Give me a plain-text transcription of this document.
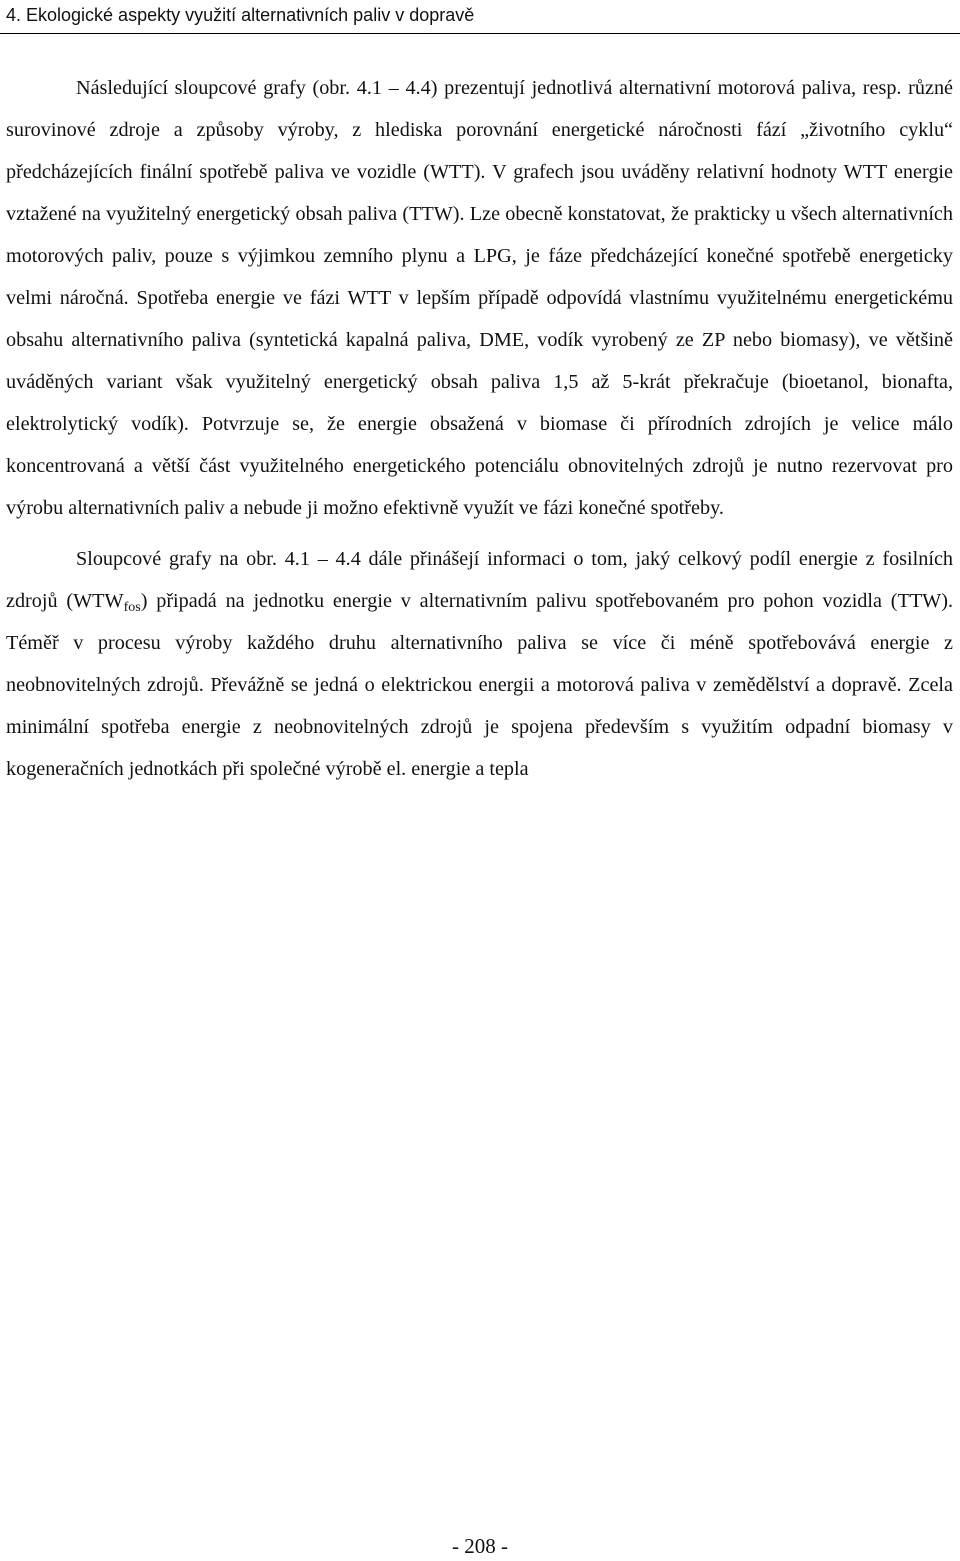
4. Ekologické aspekty využití alternativních paliv v dopravě

Následující sloupcové grafy (obr. 4.1 – 4.4) prezentují jednotlivá alternativní motorová paliva, resp. různé surovinové zdroje a způsoby výroby, z hlediska porovnání energetické náročnosti fází „životního cyklu“ předcházejících finální spotřebě paliva ve vozidle (WTT). V grafech jsou uváděny relativní hodnoty WTT energie vztažené na využitelný energetický obsah paliva (TTW). Lze obecně konstatovat, že prakticky u všech alternativních motorových paliv, pouze s výjimkou zemního plynu a LPG, je fáze předcházející konečné spotřebě energeticky velmi náročná. Spotřeba energie ve fázi WTT v lepším případě odpovídá vlastnímu využitelnému energetickému obsahu alternativního paliva (syntetická kapalná paliva, DME, vodík vyrobený ze ZP nebo biomasy), ve většině uváděných variant však využitelný energetický obsah paliva 1,5 až 5-krát překračuje (bioetanol, bionafta, elektrolytický vodík). Potvrzuje se, že energie obsažená v biomase či přírodních zdrojích je velice málo koncentrovaná a větší část využitelného energetického potenciálu obnovitelných zdrojů je nutno rezervovat pro výrobu alternativních paliv a nebude ji možno efektivně využít ve fázi konečné spotřeby.

Sloupcové grafy na obr. 4.1 – 4.4 dále přinášejí informaci o tom, jaký celkový podíl energie z fosilních zdrojů $(WTW_{fos})$ připadá na jednotku energie v alternativním palivu spotřebovaném pro pohon vozidla (TTW). Téměř v procesu výroby každého druhu alternativního paliva se více či méně spotřebovává energie z neobnovitelných zdrojů. Převážně se jedná o elektrickou energii a motorová paliva v zemědělství a dopravě. Zcela minimální spotřeba energie z neobnovitelných zdrojů je spojena především s využitím odpadní biomasy v kogeneračních jednotkách při společné výrobě el. energie a tepla

- 208 -
